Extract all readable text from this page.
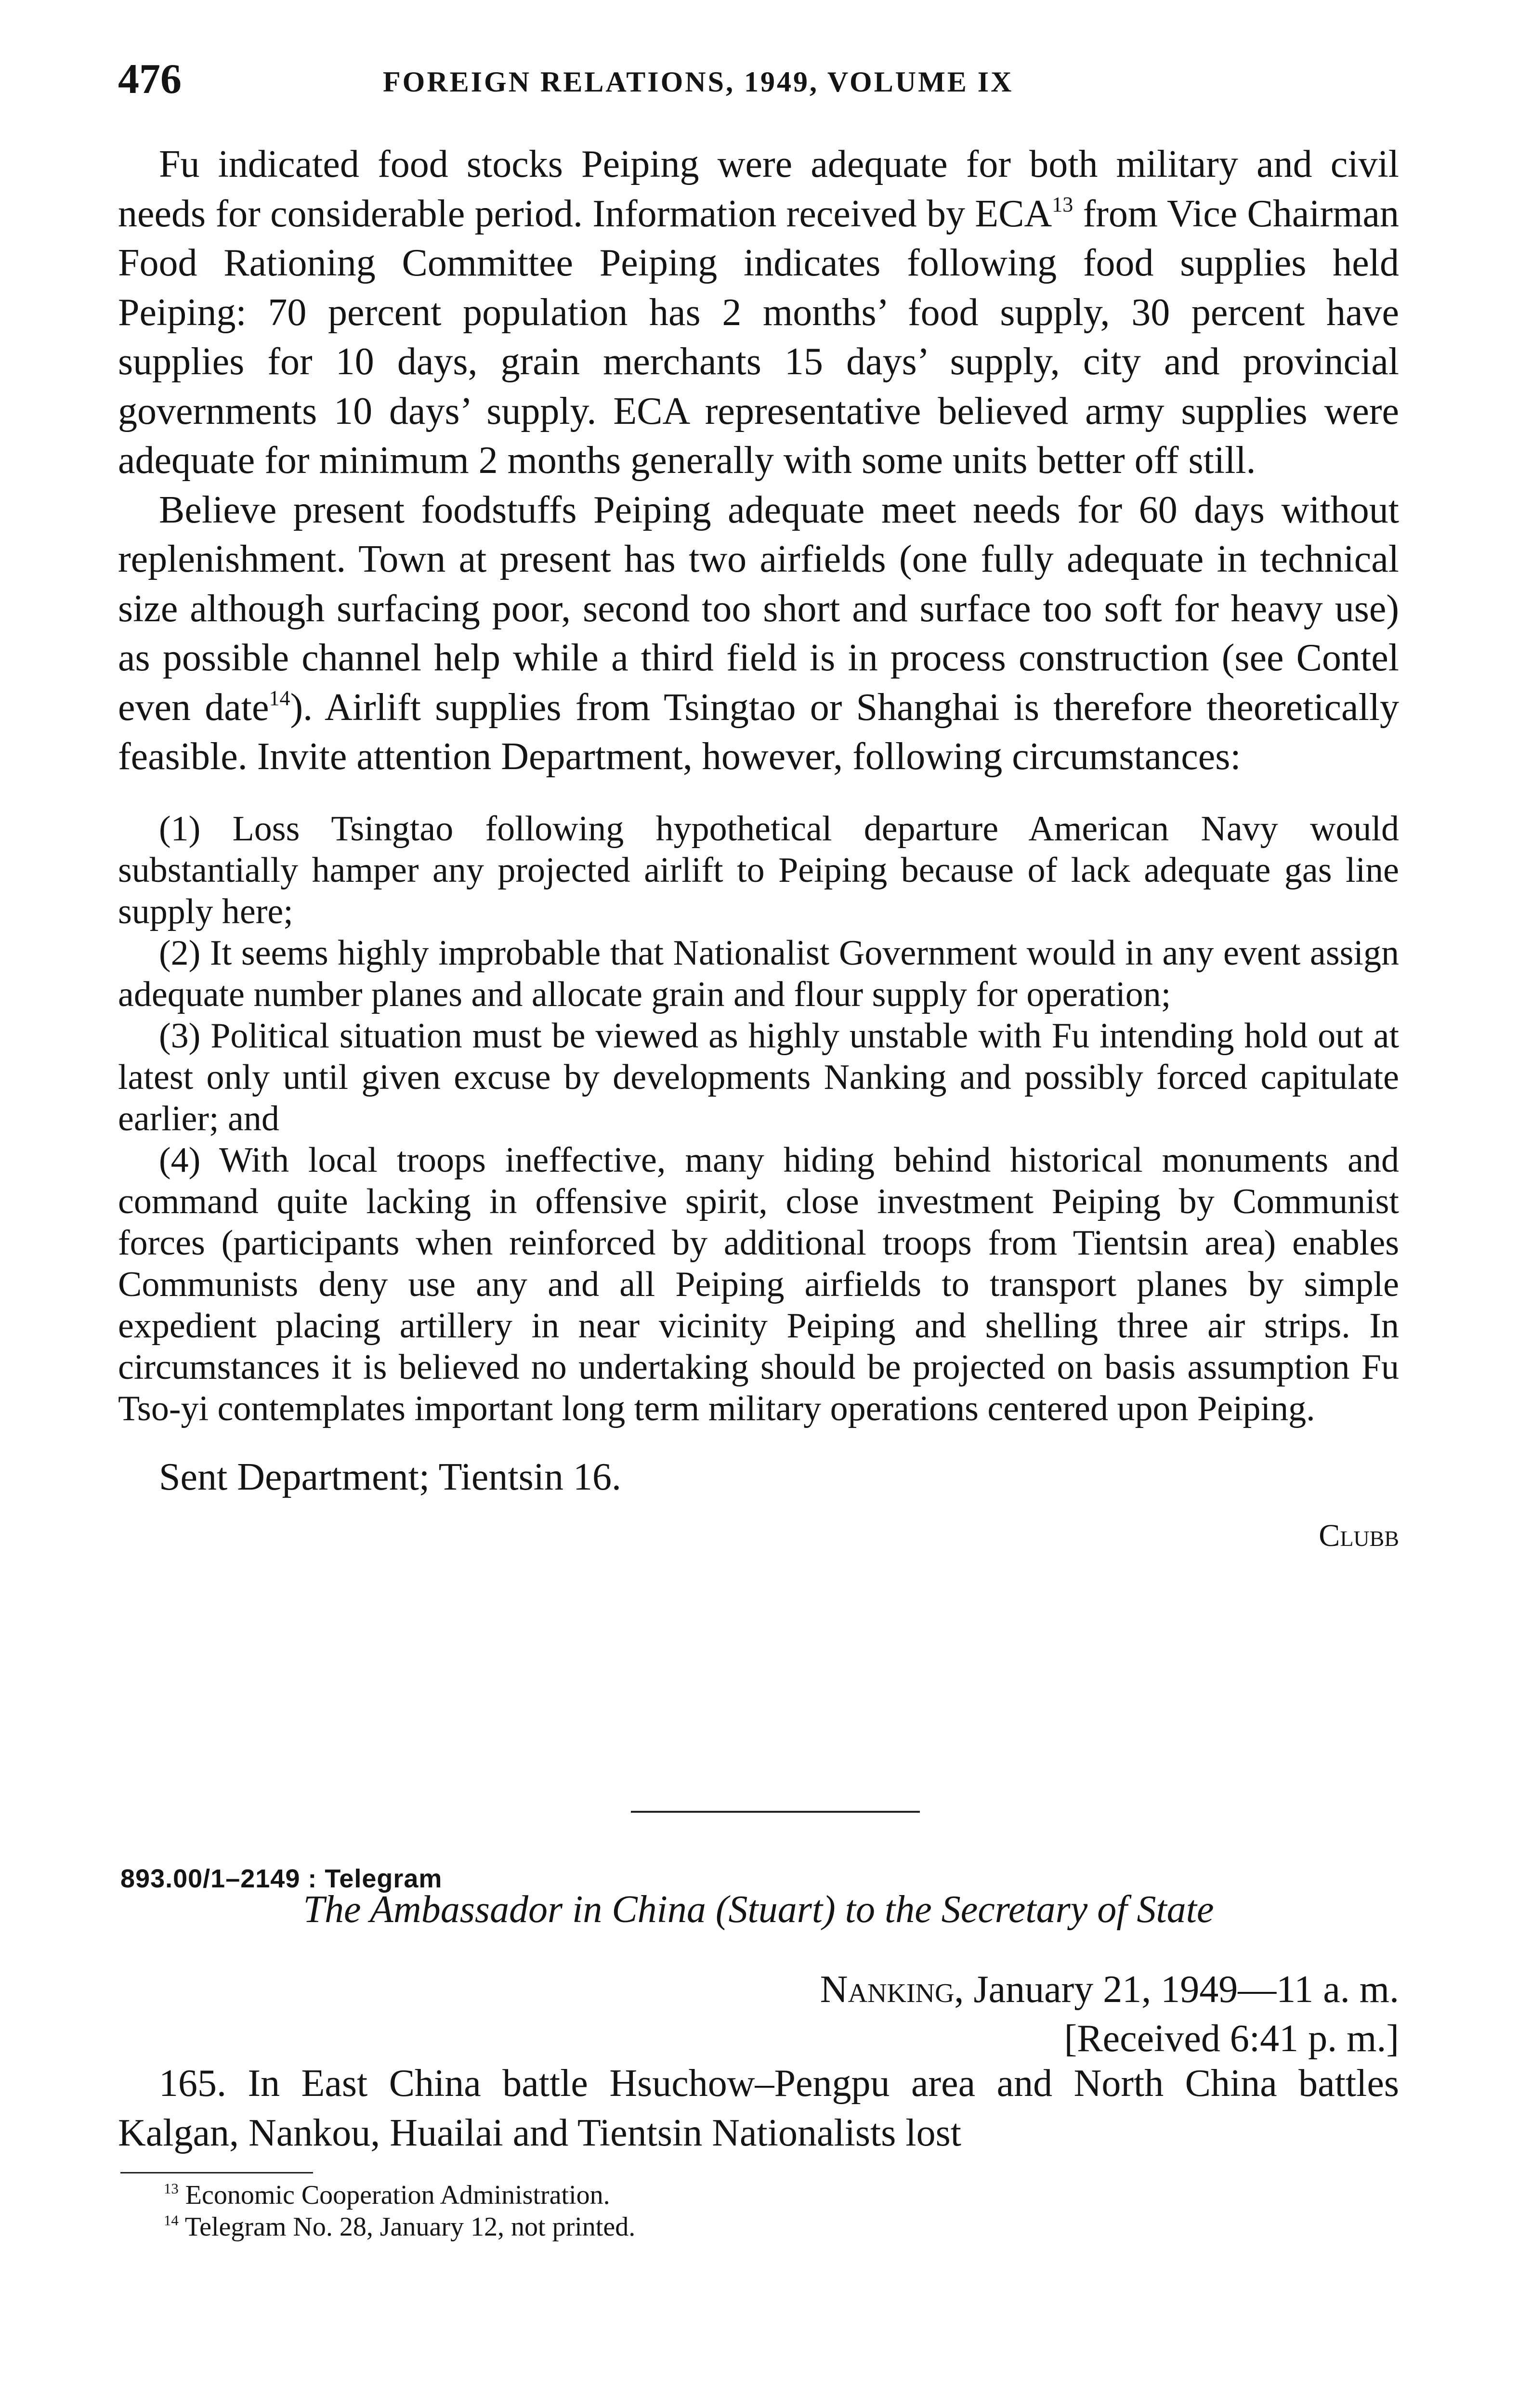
476	FOREIGN RELATIONS, 1949, VOLUME IX

Fu indicated food stocks Peiping were adequate for both military and civil needs for considerable period. Information received by ECA$^{13}$ from Vice Chairman Food Rationing Committee Peiping indicates following food supplies held Peiping: 70 percent population has 2 months’ food supply, 30 percent have supplies for 10 days, grain merchants 15 days’ supply, city and provincial governments 10 days’ supply. ECA representative believed army supplies were adequate for minimum 2 months generally with some units better off still.

Believe present foodstuffs Peiping adequate meet needs for 60 days without replenishment. Town at present has two airfields (one fully adequate in technical size although surfacing poor, second too short and surface too soft for heavy use) as possible channel help while a third field is in process construction (see Contel even date$^{14}$). Airlift supplies from Tsingtao or Shanghai is therefore theoretically feasible. Invite attention Department, however, following circumstances:

(1) Loss Tsingtao following hypothetical departure American Navy would substantially hamper any projected airlift to Peiping because of lack adequate gas line supply here;

(2) It seems highly improbable that Nationalist Government would in any event assign adequate number planes and allocate grain and flour supply for operation;

(3) Political situation must be viewed as highly unstable with Fu intending hold out at latest only until given excuse by developments Nanking and possibly forced capitulate earlier; and

(4) With local troops ineffective, many hiding behind historical monuments and command quite lacking in offensive spirit, close investment Peiping by Communist forces (participants when reinforced by additional troops from Tientsin area) enables Communists deny use any and all Peiping airfields to transport planes by simple expedient placing artillery in near vicinity Peiping and shelling three air strips. In circumstances it is believed no undertaking should be projected on basis assumption Fu Tso-yi contemplates important long term military operations centered upon Peiping.

Sent Department; Tientsin 16.

Clubb
893.00/1–2149 : Telegram
The Ambassador in China (Stuart) to the Secretary of State
Nanking, January 21, 1949—11 a. m.
[Received 6:41 p. m.]

165. In East China battle Hsuchow–Pengpu area and North China battles Kalgan, Nankou, Huailai and Tientsin Nationalists lost

$^{13}$ Economic Cooperation Administration.
$^{14}$ Telegram No. 28, January 12, not printed.
